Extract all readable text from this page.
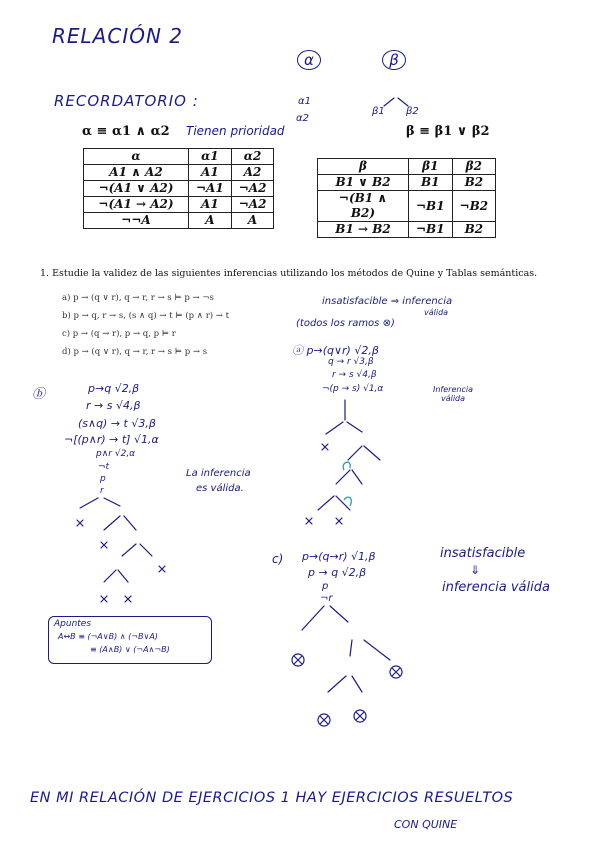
RELACIÓN 2
α	β
RECORDATORIO :	α1
α2
β1 β2
α ≡ α1 ∧ α2 Tienen prioridad	β ≡ β1 ∨ β2
α	α1	α2
A1 ∧ A2	A1	A2
¬(A1 ∨ A2)	¬A1	¬A2
¬(A1 → A2)	A1	¬A2
¬¬A	A	A
β	β1	β2
B1 ∨ B2	B1	B2
¬(B1 ∧ B2)	¬B1	¬B2
B1 → B2	¬B1	B2
1. Estudie la validez de las siguientes inferencias utilizando los métodos de Quine y Tablas semánticas.
a) p → (q ∨ r), q → r, r → s ⊨ p → ¬s
b) p → q, r → s, (s ∧ q) → t ⊨ (p ∧ r) → t
c) p → (q → r), p → q, p ⊨ r
d) p → (q ∨ r), q → r, r → s ⊨ p → s
insatisfacible ⇒ inferencia
válida
(todos los ramos ⊗)
ⓐ p→(q∨r) √2,β
q → r √3,β
r → s √4,β
¬(p → s) √1,α	Inferencia válida
ⓑ	p→q √2,β
r → s √4,β
(s∧q) → t √3,β
¬[(p∧r) → t] √1,α
p∧r √2,α
¬t
p
r
La inferencia
es válida.
c) p→(q→r) √1,β
p → q √2,β
p
¬r
insatisfacible
⇓
inferencia válida
Apuntes
A↔B ≡ (¬A∨B) ∧ (¬B∨A)
≡ (A∧B) ∨ (¬A∧¬B)
EN MI RELACIÓN DE EJERCICIOS 1 HAY EJERCICIOS RESUELTOS
CON QUINE
